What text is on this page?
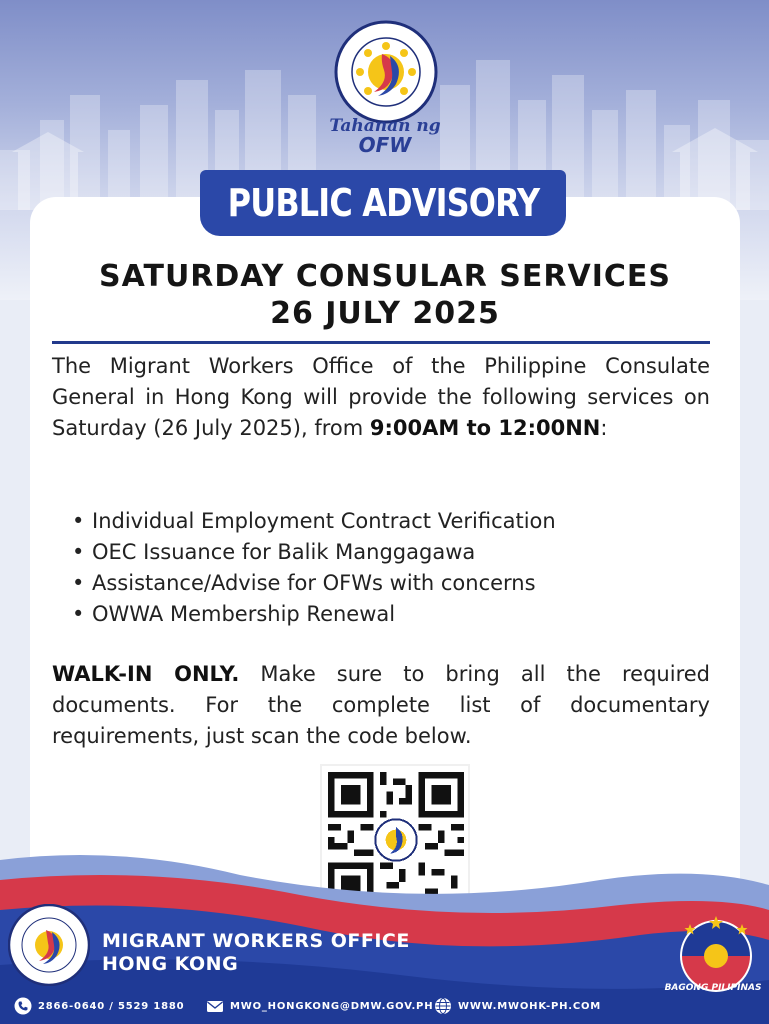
Tahanan ng
OFW
PUBLIC ADVISORY
SATURDAY CONSULAR SERVICES
26 JULY 2025

The Migrant Workers Office of the Philippine Consulate General in Hong Kong will provide the following services on Saturday (26 July 2025), from 9:00AM to 12:00NN:

• Individual Employment Contract Verification
• OEC Issuance for Balik Manggagawa
• Assistance/Advise for OFWs with concerns
• OWWA Membership Renewal

WALK-IN ONLY. Make sure to bring all the required documents. For the complete list of documentary requirements, just scan the code below.

MIGRANT WORKERS OFFICE
HONG KONG
BAGONG PILIPINAS
2866-0640 / 5529 1880	MWO_HONGKONG@DMW.GOV.PH WWW.MWOHK-PH.COM
